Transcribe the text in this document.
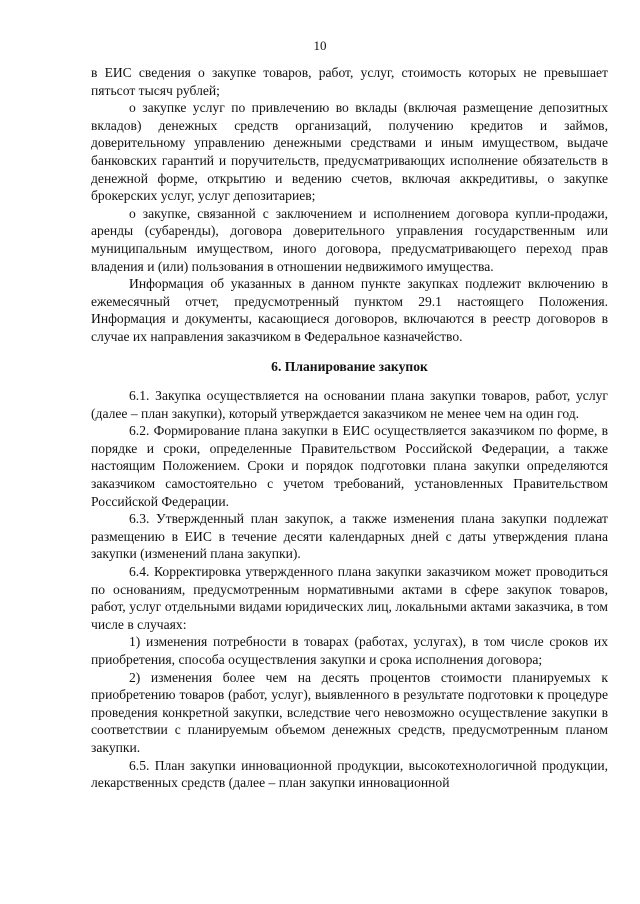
10

в ЕИС сведения о закупке товаров, работ, услуг, стоимость которых не превышает пятьсот тысяч рублей;

о закупке услуг по привлечению во вклады (включая размещение депозитных вкладов) денежных средств организаций, получению кредитов и займов, доверительному управлению денежными средствами и иным имуществом, выдаче банковских гарантий и поручительств, предусматривающих исполнение обязательств в денежной форме, открытию и ведению счетов, включая аккредитивы, о закупке брокерских услуг, услуг депозитариев;

о закупке, связанной с заключением и исполнением договора купли-продажи, аренды (субаренды), договора доверительного управления государственным или муниципальным имуществом, иного договора, предусматривающего переход прав владения и (или) пользования в отношении недвижимого имущества.

Информация об указанных в данном пункте закупках подлежит включению в ежемесячный отчет, предусмотренный пунктом 29.1 настоящего Положения. Информация и документы, касающиеся договоров, включаются в реестр договоров в случае их направления заказчиком в Федеральное казначейство.

6. Планирование закупок

6.1. Закупка осуществляется на основании плана закупки товаров, работ, услуг (далее – план закупки), который утверждается заказчиком не менее чем на один год.

6.2. Формирование плана закупки в ЕИС осуществляется заказчиком по форме, в порядке и сроки, определенные Правительством Российской Федерации, а также настоящим Положением. Сроки и порядок подготовки плана закупки определяются заказчиком самостоятельно с учетом требований, установленных Правительством Российской Федерации.

6.3. Утвержденный план закупок, а также изменения плана закупки подлежат размещению в ЕИС в течение десяти календарных дней с даты утверждения плана закупки (изменений плана закупки).

6.4. Корректировка утвержденного плана закупки заказчиком может проводиться по основаниям, предусмотренным нормативными актами в сфере закупок товаров, работ, услуг отдельными видами юридических лиц, локальными актами заказчика, в том числе в случаях:

1) изменения потребности в товарах (работах, услугах), в том числе сроков их приобретения, способа осуществления закупки и срока исполнения договора;

2) изменения более чем на десять процентов стоимости планируемых к приобретению товаров (работ, услуг), выявленного в результате подготовки к процедуре проведения конкретной закупки, вследствие чего невозможно осуществление закупки в соответствии с планируемым объемом денежных средств, предусмотренным планом закупки.

6.5. План закупки инновационной продукции, высокотехнологичной продукции, лекарственных средств (далее – план закупки инновационной
